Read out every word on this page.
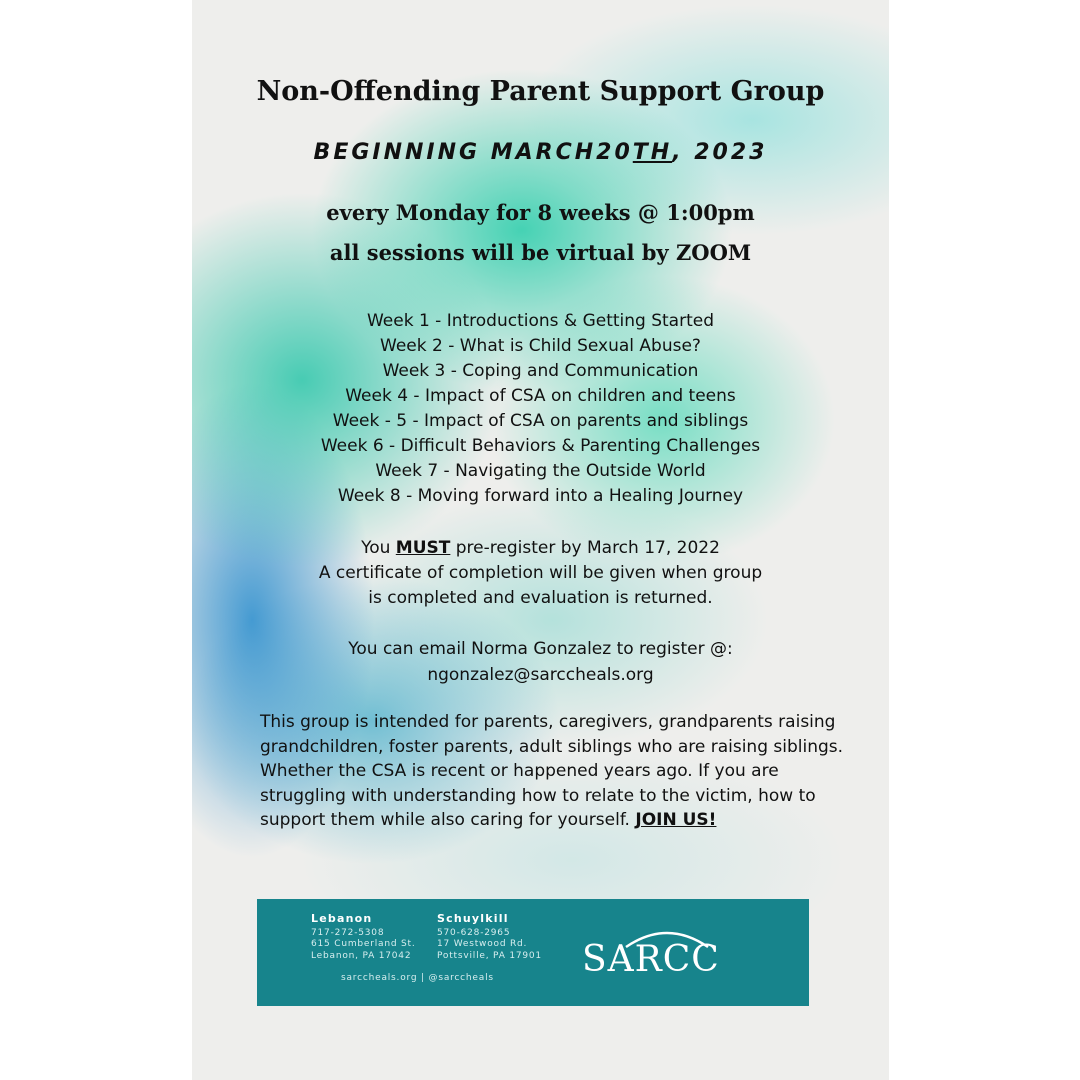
Non-Offending Parent Support Group

BEGINNING MARCH20TH, 2023

every Monday for 8 weeks @ 1:00pm

all sessions will be virtual by ZOOM

Week 1 - Introductions & Getting Started
Week 2 - What is Child Sexual Abuse?
Week 3 - Coping and Communication
Week 4 - Impact of CSA on children and teens
Week - 5 - Impact of CSA on parents and siblings
Week 6 - Difficult Behaviors & Parenting Challenges
Week 7 - Navigating the Outside World
Week 8 - Moving forward into a Healing Journey
You MUST pre-register by March 17, 2022
A certificate of completion will be given when group
is completed and evaluation is returned.
You can email Norma Gonzalez to register @:
ngonzalez@sarccheals.org

This group is intended for parents, caregivers, grandparents raising grandchildren, foster parents, adult siblings who are raising siblings. Whether the CSA is recent or happened years ago. If you are struggling with understanding how to relate to the victim, how to support them while also caring for yourself. JOIN US!

Lebanon
717-272-5308
615 Cumberland St.
Lebanon, PA 17042
Schuylkill
570-628-2965
17 Westwood Rd.
Pottsville, PA 17901
sarccheals.org | @sarccheals SARCC
